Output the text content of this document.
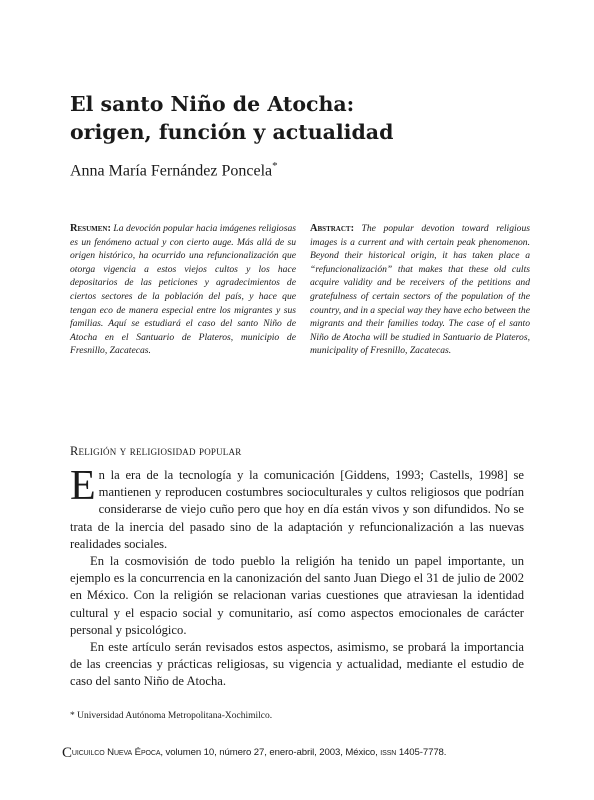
El santo Niño de Atocha:
origen, función y actualidad
Anna María Fernández Poncela*

Resumen: La devoción popular hacia imágenes religiosas es un fenómeno actual y con cierto auge. Más allá de su origen histórico, ha ocurrido una refuncionalización que otorga vigencia a estos viejos cultos y los hace depositarios de las peticiones y agradecimientos de ciertos sectores de la población del país, y hace que tengan eco de manera especial entre los migrantes y sus familias. Aquí se estudiará el caso del santo Niño de Atocha en el Santuario de Plateros, municipio de Fresnillo, Zacatecas.

Abstract: The popular devotion toward religious images is a current and with certain peak phenomenon. Beyond their historical origin, it has taken place a “refuncionalización” that makes that these old cults acquire validity and be receivers of the petitions and gratefulness of certain sectors of the population of the country, and in a special way they have echo between the migrants and their families today. The case of el santo Niño de Atocha will be studied in Santuario de Plateros, municipality of Fresnillo, Zacatecas.

Religión y religiosidad popular

En la era de la tecnología y la comunicación [Giddens, 1993; Castells, 1998] se mantienen y reproducen costumbres socioculturales y cultos religiosos que podrían considerarse de viejo cuño pero que hoy en día están vivos y son difundidos. No se trata de la inercia del pasado sino de la adaptación y refuncionalización a las nuevas realidades sociales.

En la cosmovisión de todo pueblo la religión ha tenido un papel importante, un ejemplo es la concurrencia en la canonización del santo Juan Diego el 31 de julio de 2002 en México. Con la religión se relacionan varias cuestiones que atraviesan la identidad cultural y el espacio social y comunitario, así como aspectos emocionales de carácter personal y psicológico.

En este artículo serán revisados estos aspectos, asimismo, se probará la importancia de las creencias y prácticas religiosas, su vigencia y actualidad, mediante el estudio de caso del santo Niño de Atocha.

* Universidad Autónoma Metropolitana-Xochimilco.
Cuicuilco Nueva Época, volumen 10, número 27, enero-abril, 2003, México, issn 1405-7778.
